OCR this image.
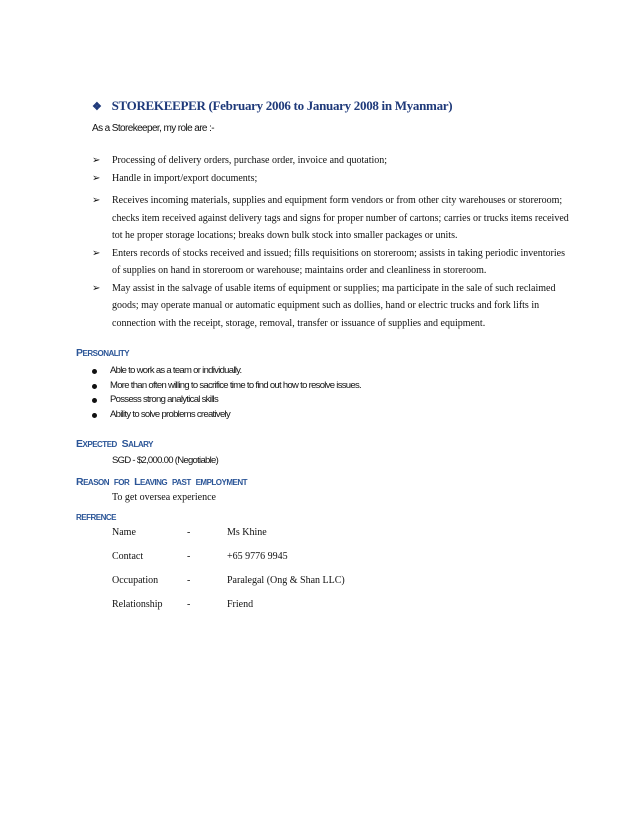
❖ STOREKEEPER (February 2006 to January 2008 in Myanmar)
As a Storekeeper, my role are :-
➢ Processing of delivery orders, purchase order, invoice and quotation;
➢ Handle in import/export documents;
➢ Receives incoming materials, supplies and equipment form vendors or from other city warehouses or storeroom; checks item received against delivery tags and signs for proper number of cartons; carries or trucks items received tot he proper storage locations; breaks down bulk stock into smaller packages or units.
➢ Enters records of stocks received and issued; fills requisitions on storeroom; assists in taking periodic inventories of supplies on hand in storeroom or warehouse; maintains order and cleanliness in storeroom.
➢ May assist in the salvage of usable items of equipment or supplies; ma participate in the sale of such reclaimed goods; may operate manual or automatic equipment such as dollies, hand or electric trucks and fork lifts in connection with the receipt, storage, removal, transfer or issuance of supplies and equipment.
PERSONALITY
Able to work as a team or individually.
More than often willing to sacrifice time to find out how to resolve issues.
Possess strong analytical skills
Ability to solve problems creatively
EXPECTED SALARY
SGD - $2,000.00 (Negotiable)
REASON FOR LEAVING PAST EMPLOYMENT
To get oversea experience
REFRENCE
Name	-	Ms Khine
Contact	-	+65 9776 9945
Occupation	-	Paralegal (Ong & Shan LLC)
Relationship -	Friend
